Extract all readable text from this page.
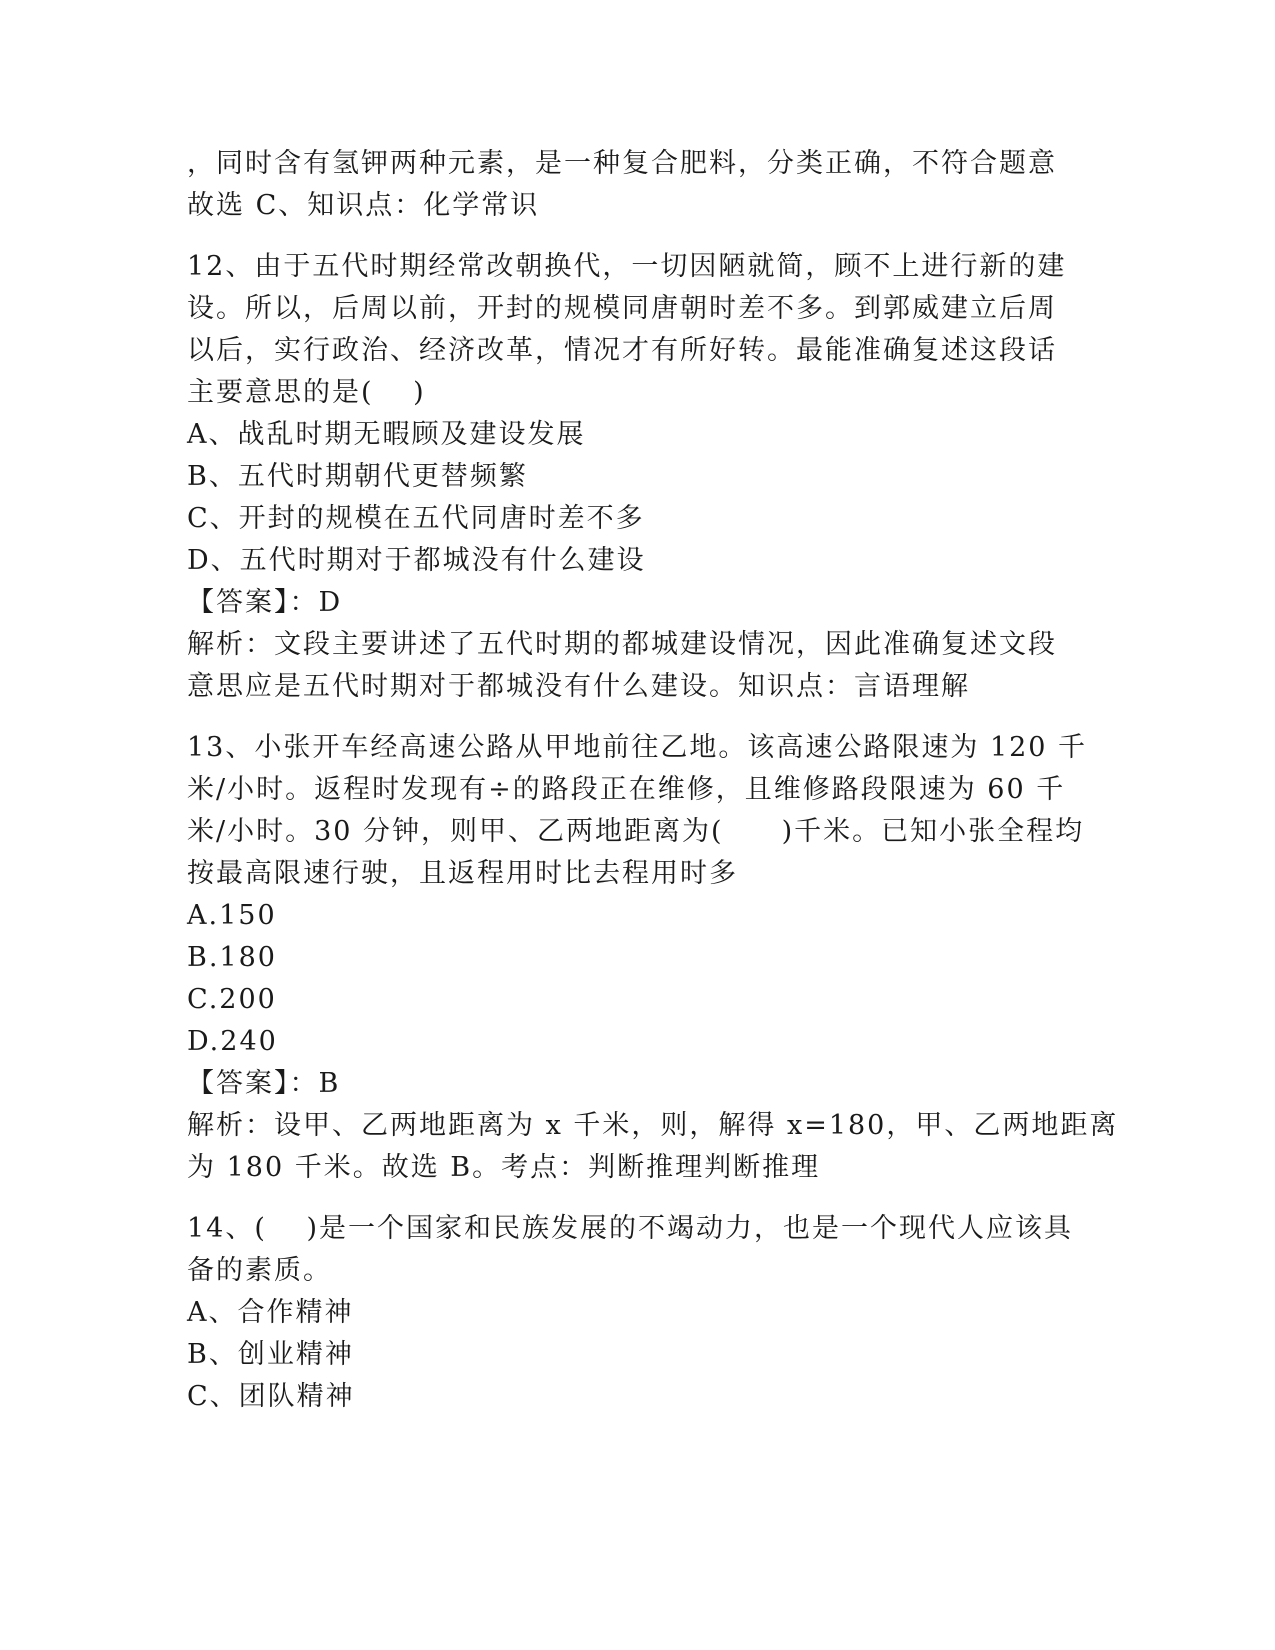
，同时含有氢钾两种元素，是一种复合肥料，分类正确，不符合题意
故选 C、知识点：化学常识
12、由于五代时期经常改朝换代，一切因陋就简，顾不上进行新的建
设。所以，后周以前，开封的规模同唐朝时差不多。到郭威建立后周
以后，实行政治、经济改革，情况才有所好转。最能准确复述这段话
主要意思的是(　 )
A、战乱时期无暇顾及建设发展
B、五代时期朝代更替频繁
C、开封的规模在五代同唐时差不多
D、五代时期对于都城没有什么建设
【答案】：D
解析：文段主要讲述了五代时期的都城建设情况，因此准确复述文段
意思应是五代时期对于都城没有什么建设。知识点：言语理解
13、小张开车经高速公路从甲地前往乙地。该高速公路限速为 120 千
米/小时。返程时发现有÷的路段正在维修，且维修路段限速为 60 千
米/小时。30 分钟，则甲、乙两地距离为(　　)千米。已知小张全程均
按最高限速行驶，且返程用时比去程用时多
A.150
B.180
C.200
D.240
【答案】：B
解析：设甲、乙两地距离为 x 千米，则，解得 x=180，甲、乙两地距离
为 180 千米。故选 B。考点：判断推理判断推理
14、(　 )是一个国家和民族发展的不竭动力，也是一个现代人应该具
备的素质。
A、合作精神
B、创业精神
C、团队精神
